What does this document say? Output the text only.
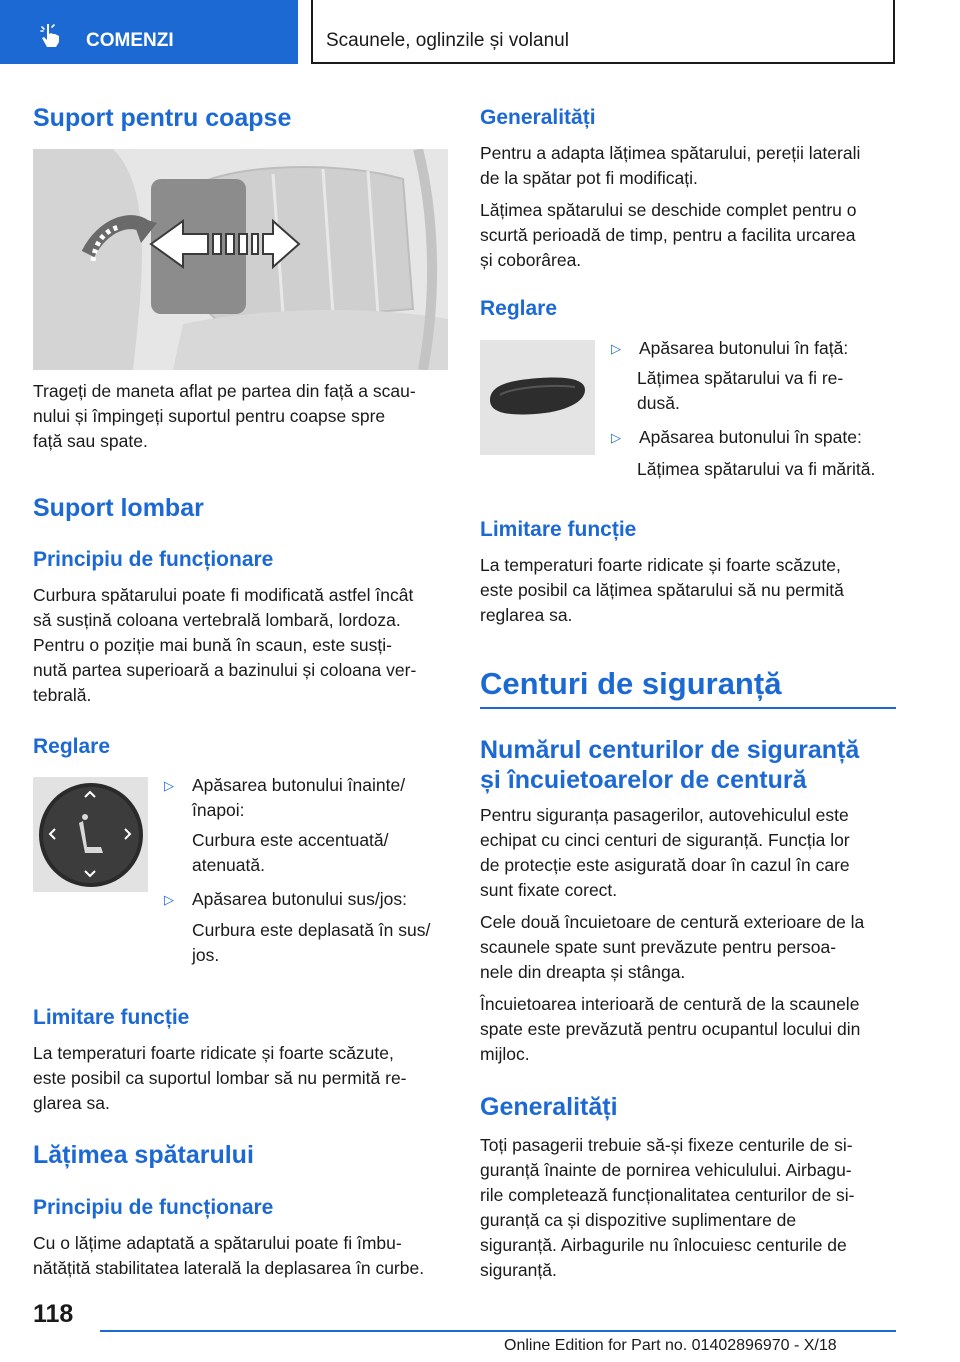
COMENZI	Scaunele, oglinzile și volanul
Suport pentru coapse
Trageți de maneta aflat pe partea din față a scau-
nului și împingeți suportul pentru coapse spre
față sau spate.
Suport lombar
Principiu de funcționare
Curbura spătarului poate fi modificată astfel încât
să susțină coloana vertebrală lombară, lordoza.
Pentru o poziție mai bună în scaun, este susți-
nută partea superioară a bazinului și coloana ver-
tebrală.
Reglare
▷ Apăsarea butonului înainte/
înapoi:
Curbura este accentuată/
atenuată.
▷ Apăsarea butonului sus/jos:
Curbura este deplasată în sus/
jos.
Limitare funcție
La temperaturi foarte ridicate și foarte scăzute,
este posibil ca suportul lombar să nu permită re-
glarea sa.
Lățimea spătarului
Principiu de funcționare
Cu o lățime adaptată a spătarului poate fi îmbu-
nătățită stabilitatea laterală la deplasarea în curbe.
Generalități
Pentru a adapta lățimea spătarului, pereții laterali
de la spătar pot fi modificați.
Lățimea spătarului se deschide complet pentru o
scurtă perioadă de timp, pentru a facilita urcarea
și coborârea.
Reglare
▷ Apăsarea butonului în față:
Lățimea spătarului va fi re-
dusă.
▷ Apăsarea butonului în spate:
Lățimea spătarului va fi mărită.
Limitare funcție
La temperaturi foarte ridicate și foarte scăzute,
este posibil ca lățimea spătarului să nu permită
reglarea sa.
Centuri de siguranță
Numărul centurilor de siguranță
și încuietoarelor de centură
Pentru siguranța pasagerilor, autovehiculul este
echipat cu cinci centuri de siguranță. Funcția lor
de protecție este asigurată doar în cazul în care
sunt fixate corect.
Cele două încuietoare de centură exterioare de la
scaunele spate sunt prevăzute pentru persoa-
nele din dreapta și stânga.
Încuietoarea interioară de centură de la scaunele
spate este prevăzută pentru ocupantul locului din
mijloc.
Generalități
Toți pasagerii trebuie să-și fixeze centurile de si-
guranță înainte de pornirea vehiculului. Airbagu-
rile completează funcționalitatea centurilor de si-
guranță ca și dispozitive suplimentare de
siguranță. Airbagurile nu înlocuiesc centurile de
siguranță.
118
Online Edition for Part no. 01402896970 - X/18
